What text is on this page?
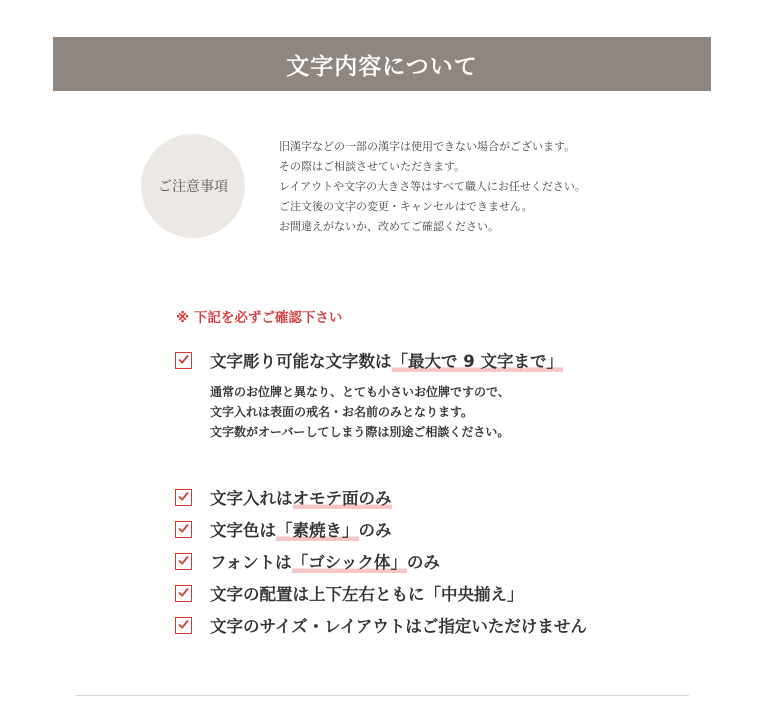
文字内容について
ご注意事項
旧漢字などの一部の漢字は使用できない場合がございます。
その際はご相談させていただきます。
レイアウトや文字の大きさ等はすべて職人にお任せください。
ご注文後の文字の変更・キャンセルはできません。
お間違えがないか、改めてご確認ください。
※ 下記を必ずご確認下さい
文字彫り可能な文字数は「最大で 9 文字まで」
通常のお位牌と異なり、とても小さいお位牌ですので、
文字入れは表面の戒名・お名前のみとなります。
文字数がオーバーしてしまう際は別途ご相談ください。
文字入れはオモテ面のみ
文字色は「素焼き」のみ
フォントは「ゴシック体」のみ
文字の配置は上下左右ともに「中央揃え」
文字のサイズ・レイアウトはご指定いただけません
